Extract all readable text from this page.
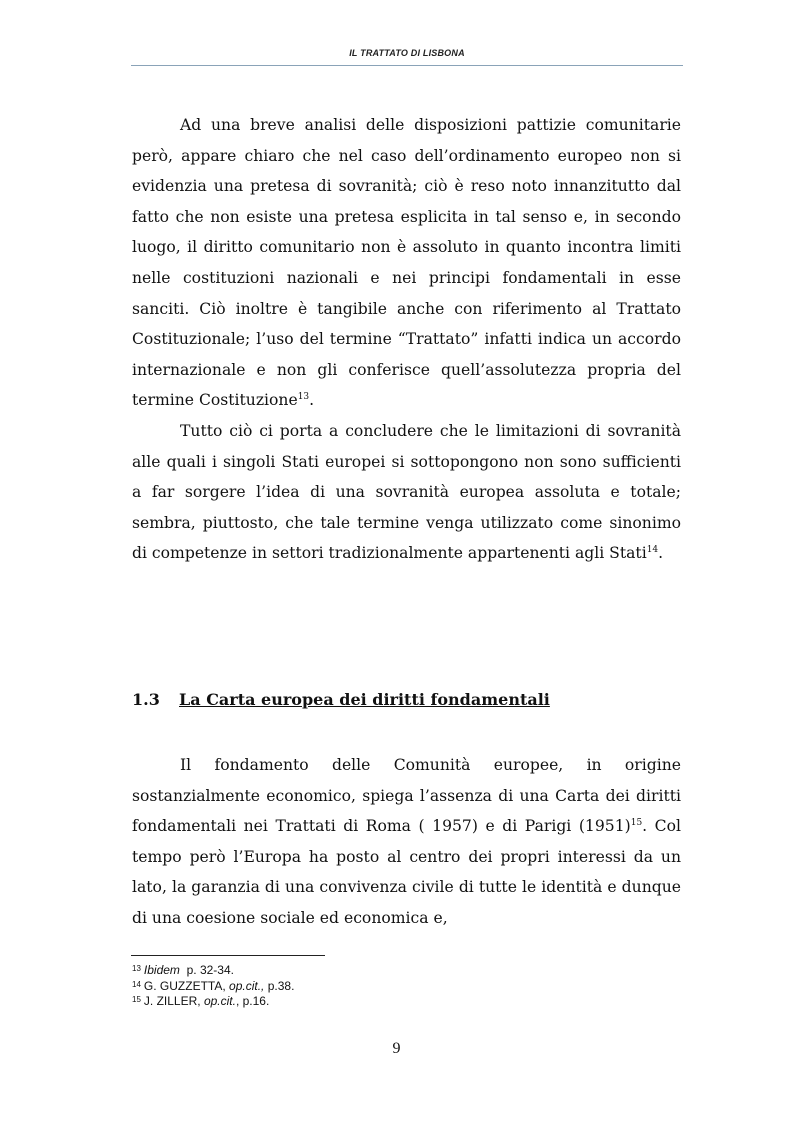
IL TRATTATO DI LISBONA

Ad una breve analisi delle disposizioni pattizie comunitarie però, appare chiaro che nel caso dell’ordinamento europeo non si evidenzia una pretesa di sovranità; ciò è reso noto innanzitutto dal fatto che non esiste una pretesa esplicita in tal senso e, in secondo luogo, il diritto comunitario non è assoluto in quanto incontra limiti nelle costituzioni nazionali e nei principi fondamentali in esse sanciti. Ciò inoltre è tangibile anche con riferimento al Trattato Costituzionale; l’uso del termine “Trattato” infatti indica un accordo internazionale e non gli conferisce quell’assolutezza propria del termine Costituzione$^{13}$.

Tutto ciò ci porta a concludere che le limitazioni di sovranità alle quali i singoli Stati europei si sottopongono non sono sufficienti a far sorgere l’idea di una sovranità europea assoluta e totale; sembra, piuttosto, che tale termine venga utilizzato come sinonimo di competenze in settori tradizionalmente appartenenti agli Stati$^{14}$.

1.3 La Carta europea dei diritti fondamentali

Il fondamento delle Comunità europee, in origine sostanzialmente economico, spiega l’assenza di una Carta dei diritti fondamentali nei Trattati di Roma ( 1957) e di Parigi $(1951)^{15}$. Col tempo però l’Europa ha posto al centro dei propri interessi da un lato, la garanzia di una convivenza civile di tutte le identità e dunque di una coesione sociale ed economica e,

$^{13}$ Ibidem  p. 32-34.
$^{14}$ G. GUZZETTA, op.cit., p.38.
$^{15}$ J. ZILLER, op.cit., p.16.
9
